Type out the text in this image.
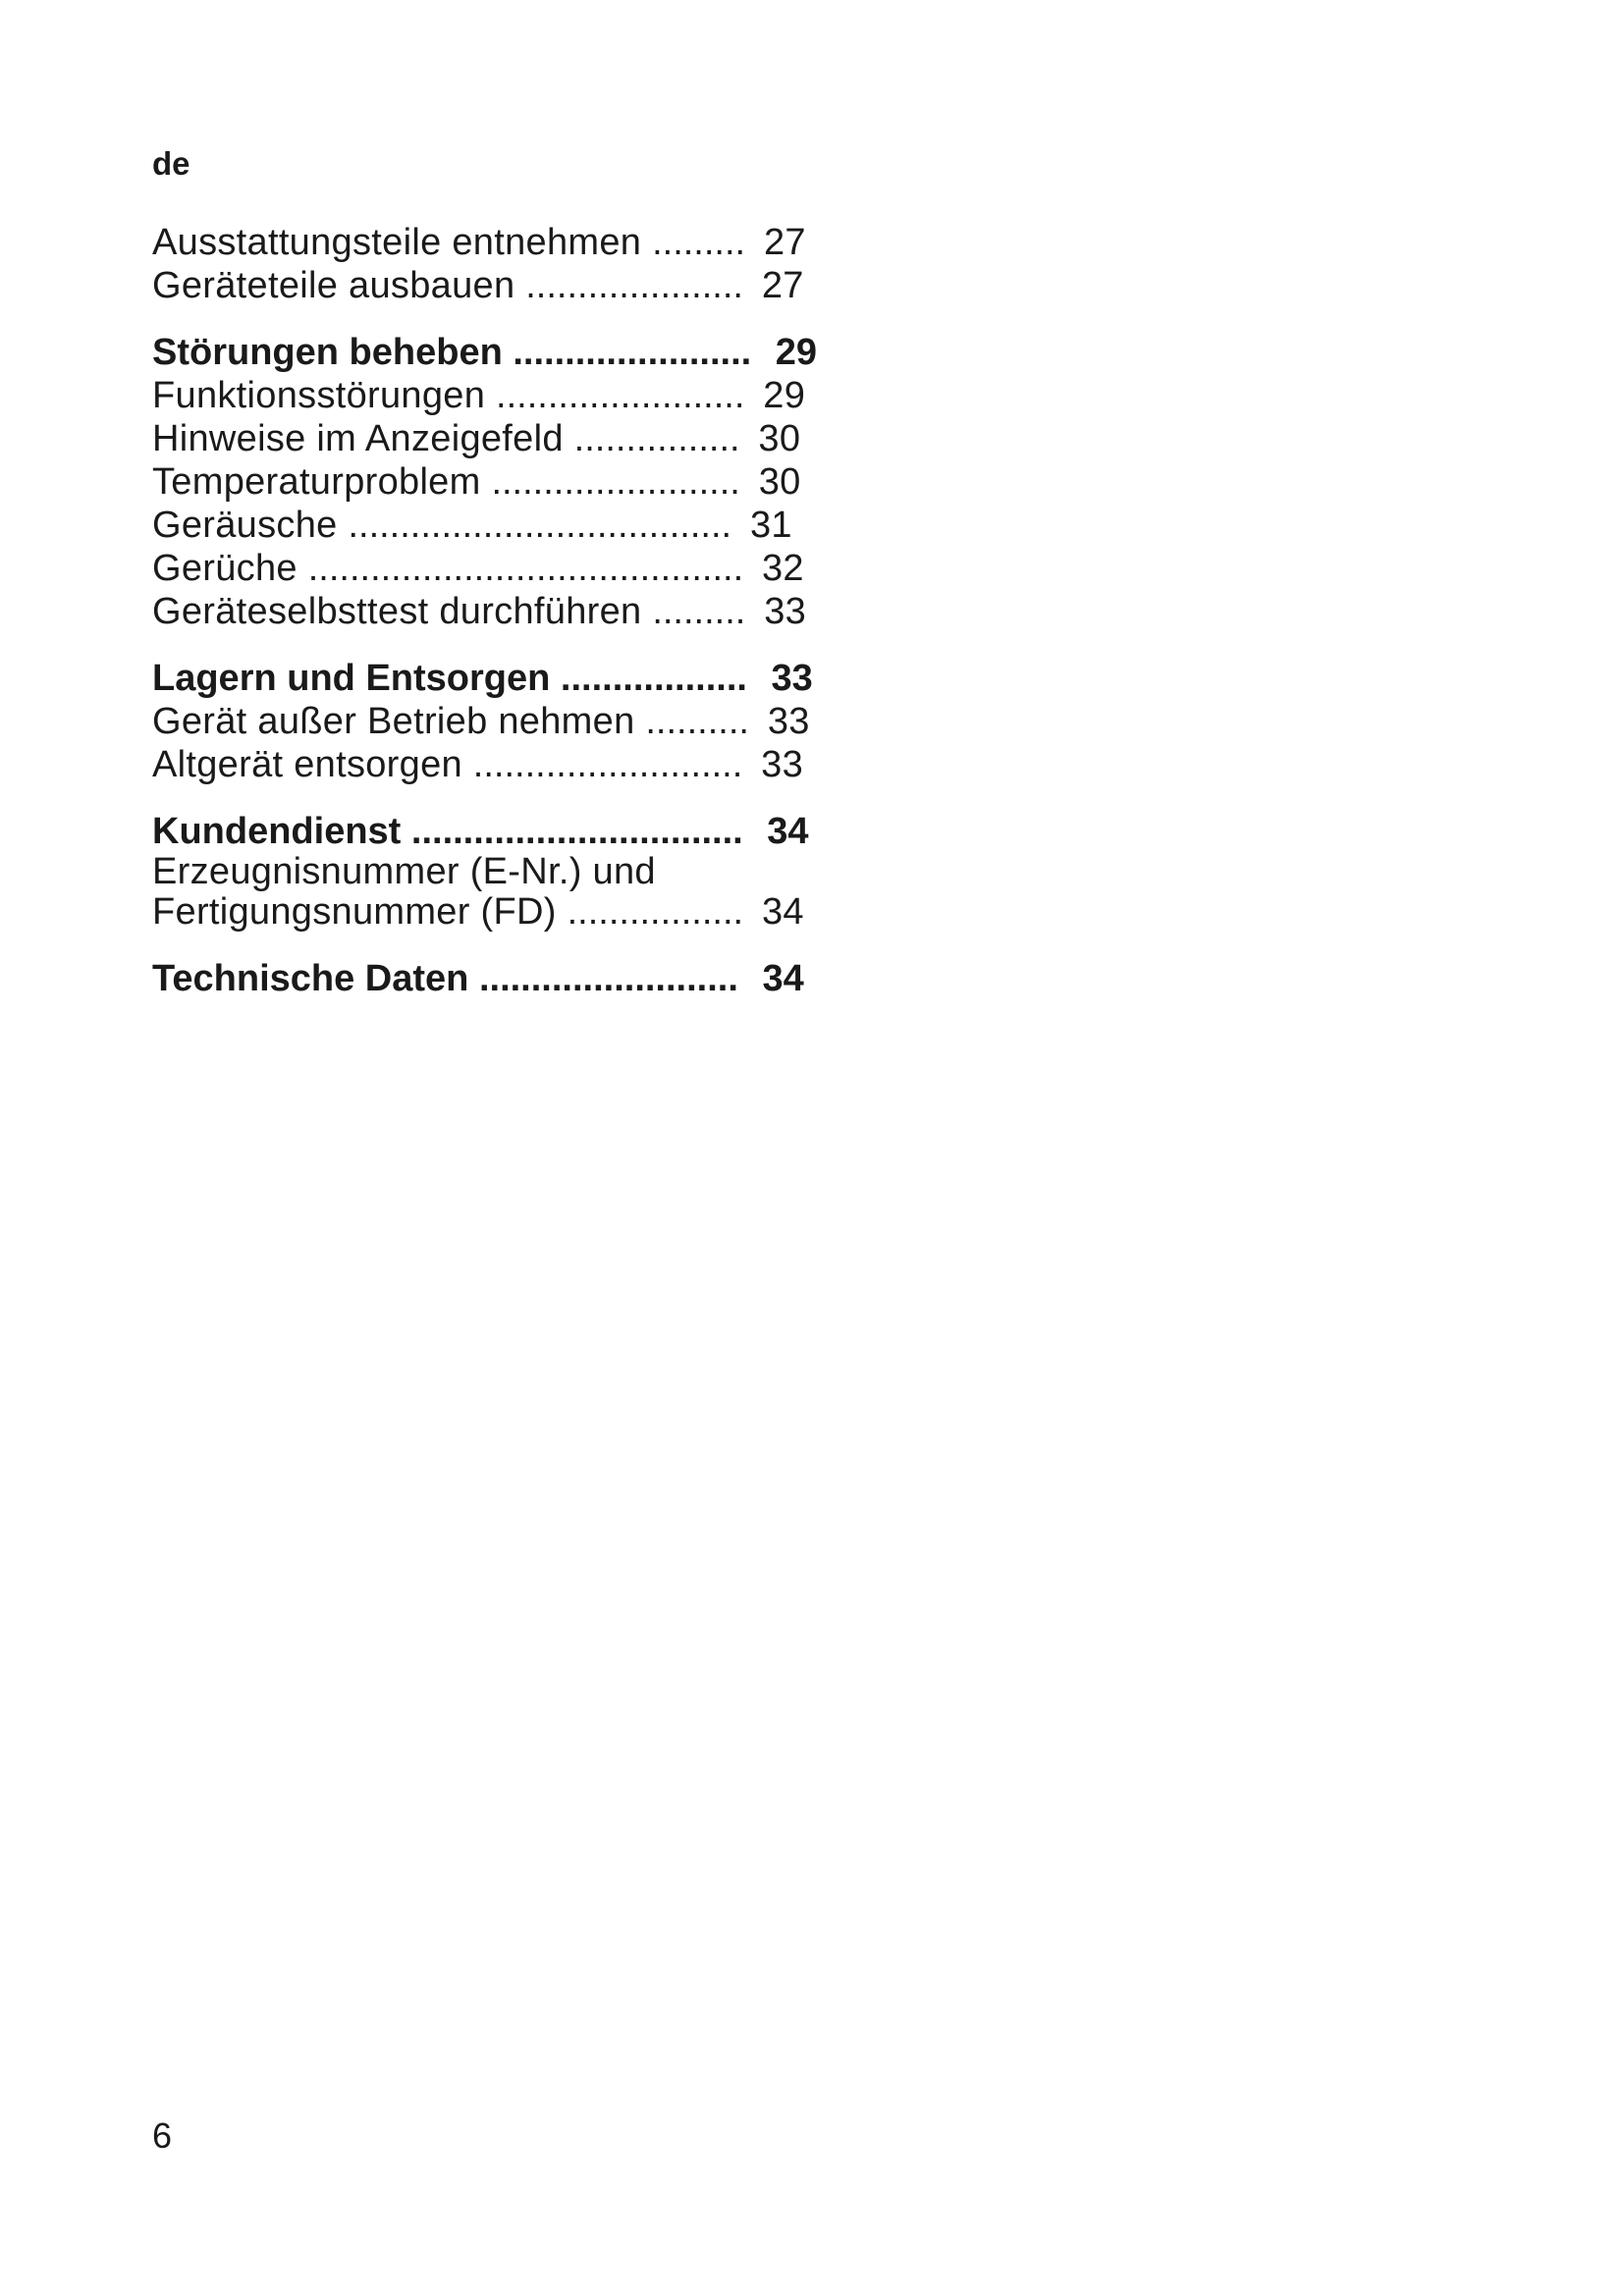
de
Ausstattungsteile entnehmen ......... 27
Geräteteile ausbauen ..................... 27
Störungen beheben ....................... 29
Funktionsstörungen ........................ 29
Hinweise im Anzeigefeld ................ 30
Temperaturproblem ........................ 30
Geräusche ..................................... 31
Gerüche .......................................... 32
Geräteselbsttest durchführen ......... 33
Lagern und Entsorgen .................. 33
Gerät außer Betrieb nehmen .......... 33
Altgerät entsorgen .......................... 33
Kundendienst ................................ 34
Erzeugnisnummer (E-Nr.) und
Fertigungsnummer (FD) ................. 34
Technische Daten ......................... 34
6
